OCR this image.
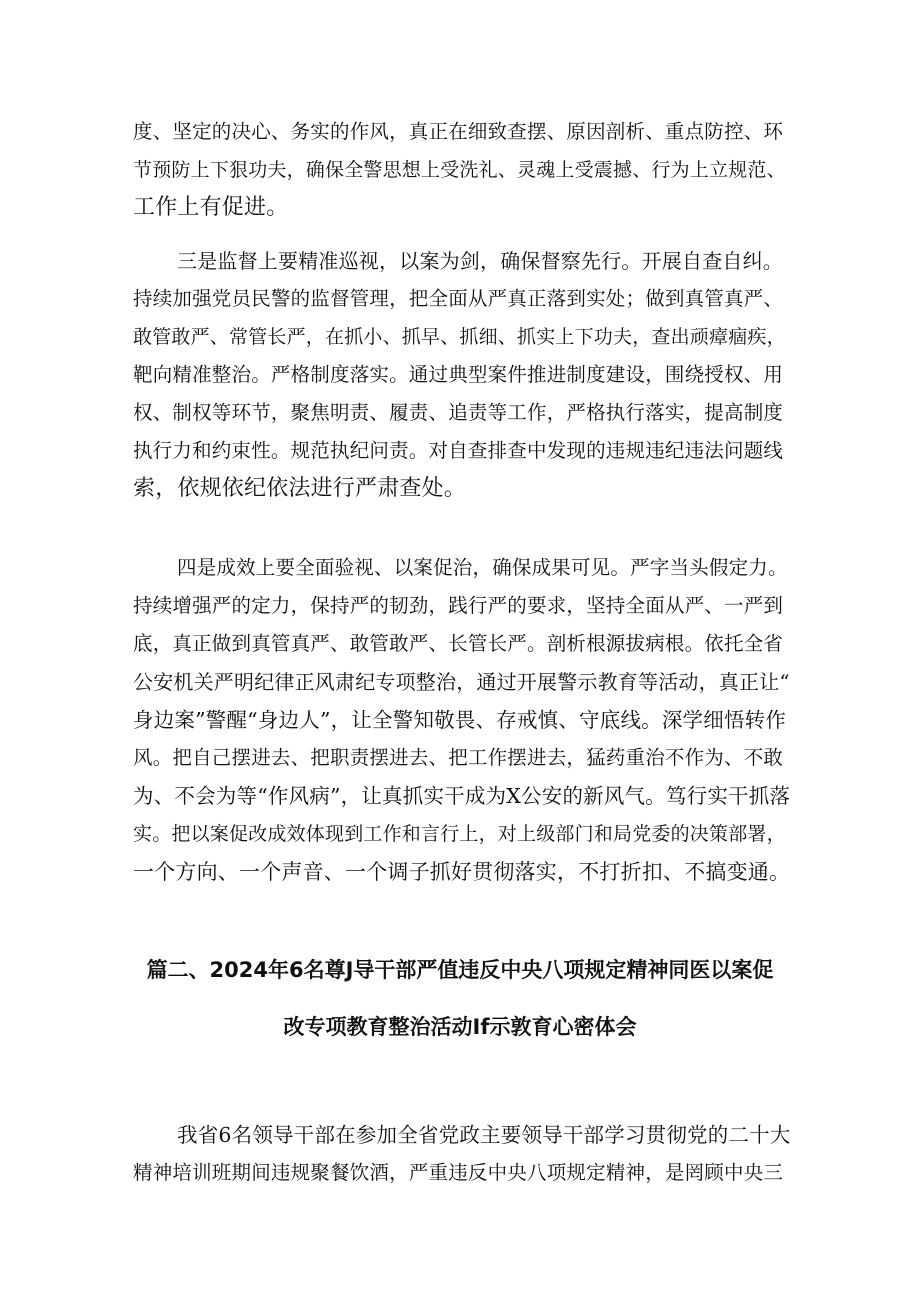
度、坚定的决心、务实的作风，真正在细致查摆、原因剖析、重点防控、环
节预防上下狠功夫，确保全警思想上受洗礼、灵魂上受震撼、行为上立规范、
工作上有促进。
三是监督上要精准巡视，以案为剑，确保督察先行。开展自查自纠。
持续加强党员民警的监督管理，把全面从严真正落到实处；做到真管真严、
敢管敢严、常管长严，在抓小、抓早、抓细、抓实上下功夫，查出顽瘴痼疾，
靶向精准整治。严格制度落实。通过典型案件推进制度建设，围绕授权、用
权、制权等环节，聚焦明责、履责、追责等工作，严格执行落实，提高制度
执行力和约束性。规范执纪问责。对自查排查中发现的违规违纪违法问题线
索，依规依纪依法进行严肃查处。
四是成效上要全面验视、以案促治，确保成果可见。严字当头假定力。
持续增强严的定力，保持严的韧劲，践行严的要求，坚持全面从严、一严到
底，真正做到真管真严、敢管敢严、长管长严。剖析根源拔病根。依托全省
公安机关严明纪律正风肃纪专项整治，通过开展警示教育等活动，真正让“
身边案”警醒“身边人”，让全警知敬畏、存戒慎、守底线。深学细悟转作
风。把自己摆进去、把职责摆进去、把工作摆进去，猛药重治不作为、不敢
为、不会为等“作风病”，让真抓实干成为X公安的新风气。笃行实干抓落
实。把以案促改成效体现到工作和言行上，对上级部门和局党委的决策部署，
一个方向、一个声音、一个调子抓好贯彻落实，不打折扣、不搞变通。
篇二、2024年6名尊J导干部严值违反中央八项规定精神同医以案促
改专项教育整治活动If示敦育心密体会
我省6名领导干部在参加全省党政主要领导干部学习贯彻党的二十大
精神培训班期间违规聚餐饮酒，严重违反中央八项规定精神，是罔顾中央三
